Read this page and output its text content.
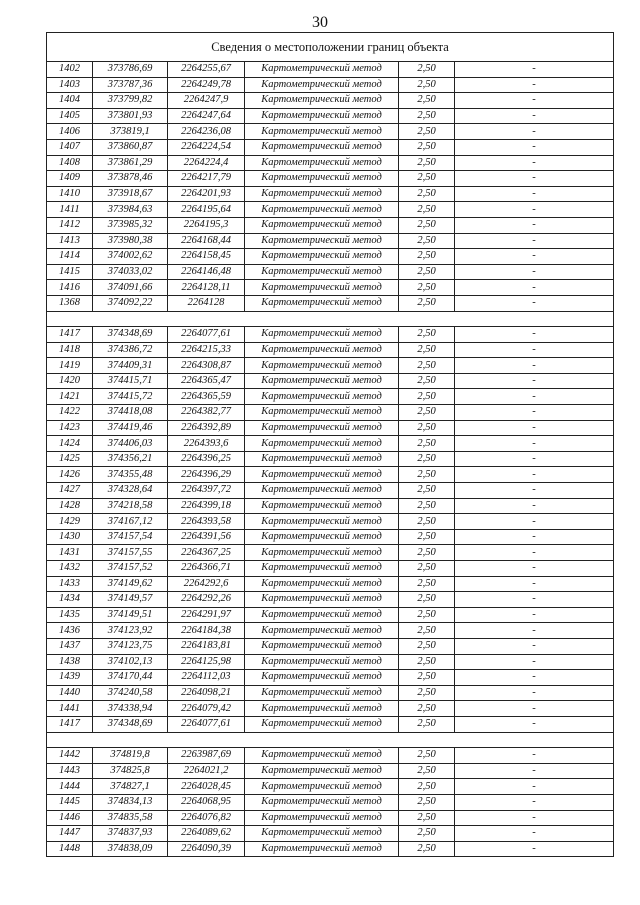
30
Сведения о местоположении границ объекта					
1402	373786,69	2264255,67	Картометрический метод	2,50	-
1403	373787,36	2264249,78	Картометрический метод	2,50	-
1404	373799,82	2264247,9	Картометрический метод	2,50	-
1405	373801,93	2264247,64	Картометрический метод	2,50	-
1406	373819,1	2264236,08	Картометрический метод	2,50	-
1407	373860,87	2264224,54	Картометрический метод	2,50	-
1408	373861,29	2264224,4	Картометрический метод	2,50	-
1409	373878,46	2264217,79	Картометрический метод	2,50	-
1410	373918,67	2264201,93	Картометрический метод	2,50	-
1411	373984,63	2264195,64	Картометрический метод	2,50	-
1412	373985,32	2264195,3	Картометрический метод	2,50	-
1413	373980,38	2264168,44	Картометрический метод	2,50	-
1414	374002,62	2264158,45	Картометрический метод	2,50	-
1415	374033,02	2264146,48	Картометрический метод	2,50	-
1416	374091,66	2264128,11	Картометрический метод	2,50	-
1368	374092,22	2264128	Картометрический метод	2,50	-

1417	374348,69	2264077,61	Картометрический метод	2,50	-
1418	374386,72	2264215,33	Картометрический метод	2,50	-
1419	374409,31	2264308,87	Картометрический метод	2,50	-
1420	374415,71	2264365,47	Картометрический метод	2,50	-
1421	374415,72	2264365,59	Картометрический метод	2,50	-
1422	374418,08	2264382,77	Картометрический метод	2,50	-
1423	374419,46	2264392,89	Картометрический метод	2,50	-
1424	374406,03	2264393,6	Картометрический метод	2,50	-
1425	374356,21	2264396,25	Картометрический метод	2,50	-
1426	374355,48	2264396,29	Картометрический метод	2,50	-
1427	374328,64	2264397,72	Картометрический метод	2,50	-
1428	374218,58	2264399,18	Картометрический метод	2,50	-
1429	374167,12	2264393,58	Картометрический метод	2,50	-
1430	374157,54	2264391,56	Картометрический метод	2,50	-
1431	374157,55	2264367,25	Картометрический метод	2,50	-
1432	374157,52	2264366,71	Картометрический метод	2,50	-
1433	374149,62	2264292,6	Картометрический метод	2,50	-
1434	374149,57	2264292,26	Картометрический метод	2,50	-
1435	374149,51	2264291,97	Картометрический метод	2,50	-
1436	374123,92	2264184,38	Картометрический метод	2,50	-
1437	374123,75	2264183,81	Картометрический метод	2,50	-
1438	374102,13	2264125,98	Картометрический метод	2,50	-
1439	374170,44	2264112,03	Картометрический метод	2,50	-
1440	374240,58	2264098,21	Картометрический метод	2,50	-
1441	374338,94	2264079,42	Картометрический метод	2,50	-
1417	374348,69	2264077,61	Картометрический метод	2,50	-

1442	374819,8	2263987,69	Картометрический метод	2,50	-
1443	374825,8	2264021,2	Картометрический метод	2,50	-
1444	374827,1	2264028,45	Картометрический метод	2,50	-
1445	374834,13	2264068,95	Картометрический метод	2,50	-
1446	374835,58	2264076,82	Картометрический метод	2,50	-
1447	374837,93	2264089,62	Картометрический метод	2,50	-
1448	374838,09	2264090,39	Картометрический метод	2,50	-
